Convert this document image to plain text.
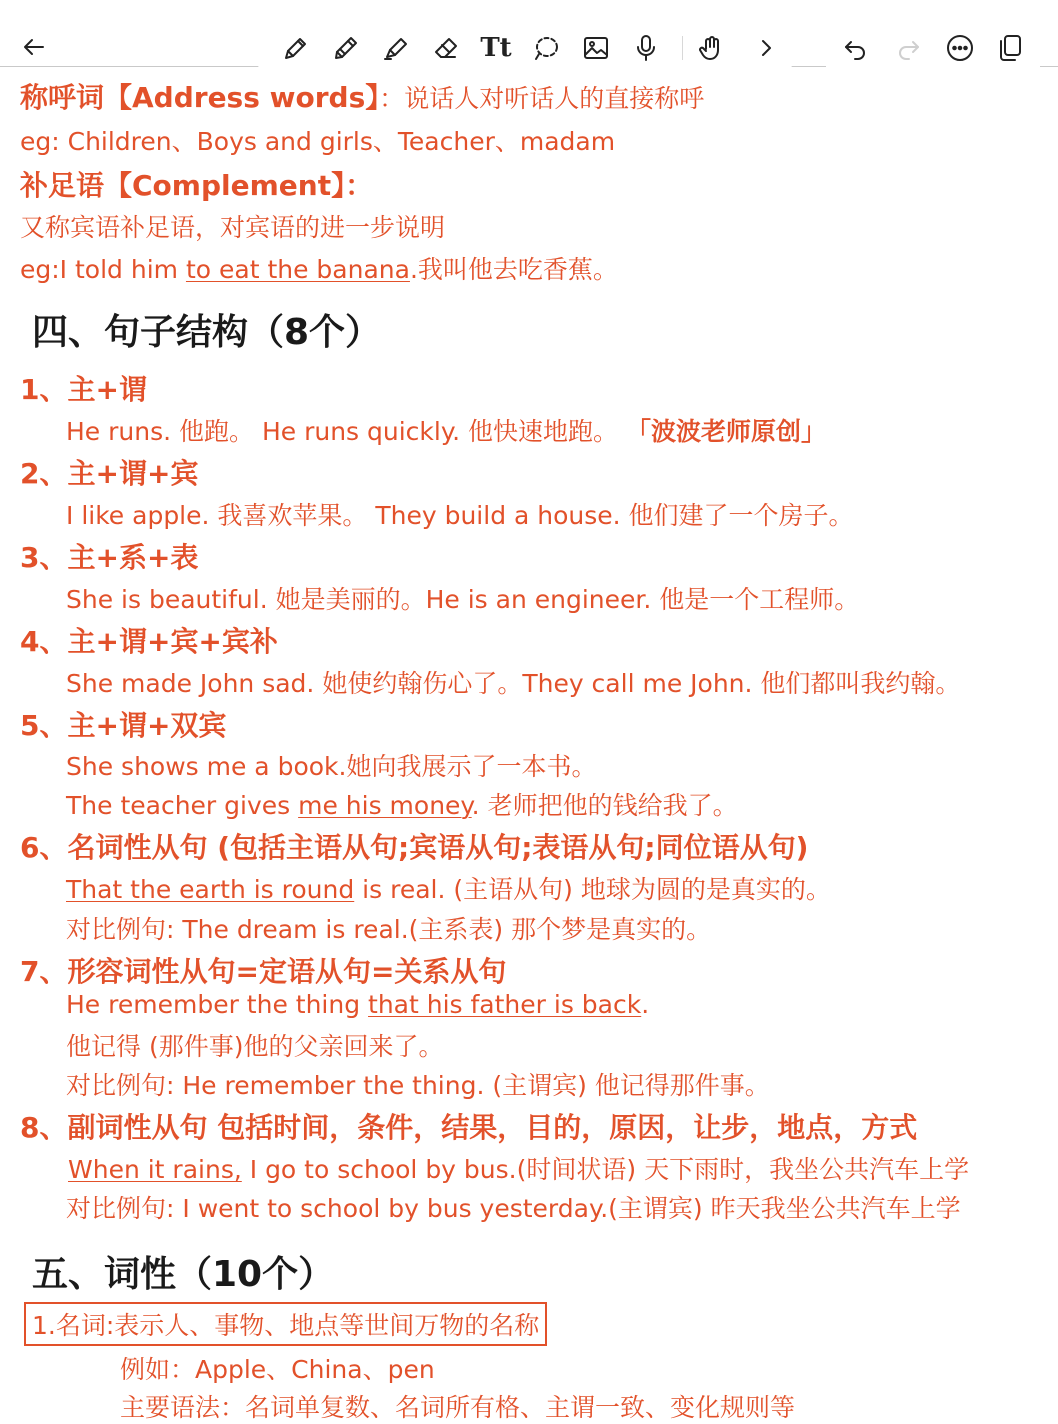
Tt
称呼词【Address words】：说话人对听话人的直接称呼
eg: Children、Boys and girls、Teacher、madam
补足语【Complement】：
又称宾语补足语，对宾语的进一步说明
eg:I told him to eat the banana.我叫他去吃香蕉。
四、句子结构（8个）
1、主+谓
He runs. 他跑。 He runs quickly. 他快速地跑。 「波波老师原创」
2、主+谓+宾
I like apple. 我喜欢苹果。 They build a house. 他们建了一个房子。
3、主+系+表
She is beautiful. 她是美丽的。He is an engineer. 他是一个工程师。
4、主+谓+宾+宾补
She made John sad. 她使约翰伤心了。They call me John. 他们都叫我约翰。
5、主+谓+双宾
She shows me a book.她向我展示了一本书。
The teacher gives me his money. 老师把他的钱给我了。
6、名词性从句 (包括主语从句;宾语从句;表语从句;同位语从句)
That the earth is round is real. (主语从句) 地球为圆的是真实的。
对比例句: The dream is real.(主系表) 那个梦是真实的。
7、形容词性从句=定语从句=关系从句
He remember the thing that his father is back.
他记得 (那件事)他的父亲回来了。
对比例句: He remember the thing. (主谓宾) 他记得那件事。
8、副词性从句 包括时间，条件，结果，目的，原因，让步，地点，方式
When it rains, I go to school by bus.(时间状语) 天下雨时，我坐公共汽车上学
对比例句: I went to school by bus yesterday.(主谓宾) 昨天我坐公共汽车上学
五、词性（10个）
1.名词:表示人、事物、地点等世间万物的名称
例如：Apple、China、pen
主要语法：名词单复数、名词所有格、主谓一致、变化规则等
